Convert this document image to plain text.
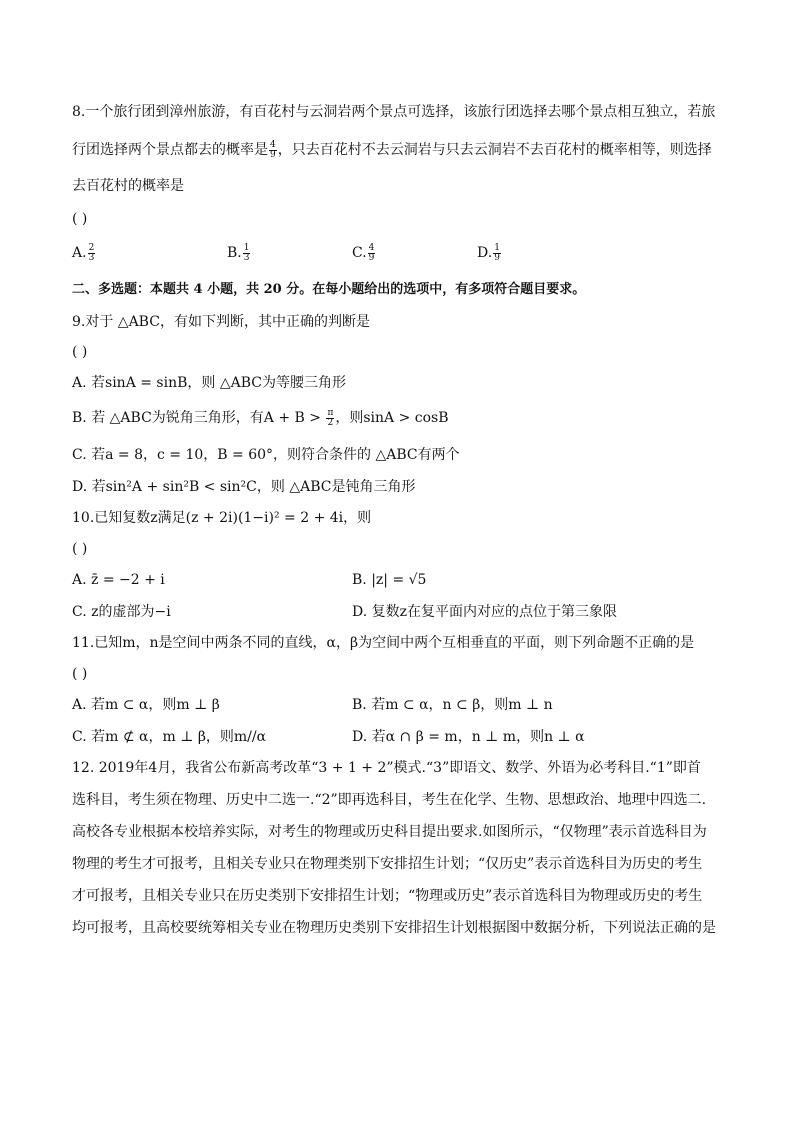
8.一个旅行团到漳州旅游，有百花村与云洞岩两个景点可选择，该旅行团选择去哪个景点相互独立，若旅
行团选择两个景点都去的概率是 $\frac{4}{9}$ ，只去百花村不去云洞岩与只去云洞岩不去百花村的概率相等，则选择
去百花村的概率是
( )
A. $\frac{2}{3}$	B. $\frac{1}{3}$	C. $\frac{4}{9}$	D. $\frac{1}{9}$
二、多选题：本题共 4 小题，共 20 分。在每小题给出的选项中，有多项符合题目要求。
9.对于 △ABC，有如下判断，其中正确的判断是
( )
A. 若sinA = sinB，则 △ABC为等腰三角形
B. 若 △ABC为锐角三角形，有$A + B > \frac{\pi}{2}$ ，则sinA > cosB
C. 若a = 8，c = 10，B = 60°，则符合条件的 △ABC有两个
D. 若sin²A + sin²B < sin²C，则 △ABC是钝角三角形
10.已知复数z满足(z + 2i)(1−i)² = 2 + 4i，则
( )
A. z̄ = −2 + i	B. |z| = √5
C. z的虚部为−i	D. 复数z在复平面内对应的点位于第三象限
11.已知m，n是空间中两条不同的直线，α，β为空间中两个互相垂直的平面，则下列命题不正确的是
( )
A. 若m ⊂ α，则m ⊥ β	B. 若m ⊂ α，n ⊂ β，则m ⊥ n
C. 若m ⊄ α，m ⊥ β，则m//α	D. 若α ∩ β = m，n ⊥ m，则n ⊥ α
12. 2019年4月，我省公布新高考改革“3 + 1 + 2”模式.“3”即语文、数学、外语为必考科目.“1”即首
选科目，考生须在物理、历史中二选一.“2”即再选科目，考生在化学、生物、思想政治、地理中四选二.
高校各专业根据本校培养实际，对考生的物理或历史科目提出要求.如图所示，“仅物理”表示首选科目为
物理的考生才可报考，且相关专业只在物理类别下安排招生计划；“仅历史”表示首选科目为历史的考生
才可报考，且相关专业只在历史类别下安排招生计划；“物理或历史”表示首选科目为物理或历史的考生
均可报考，且高校要统筹相关专业在物理历史类别下安排招生计划根据图中数据分析，下列说法正确的是
